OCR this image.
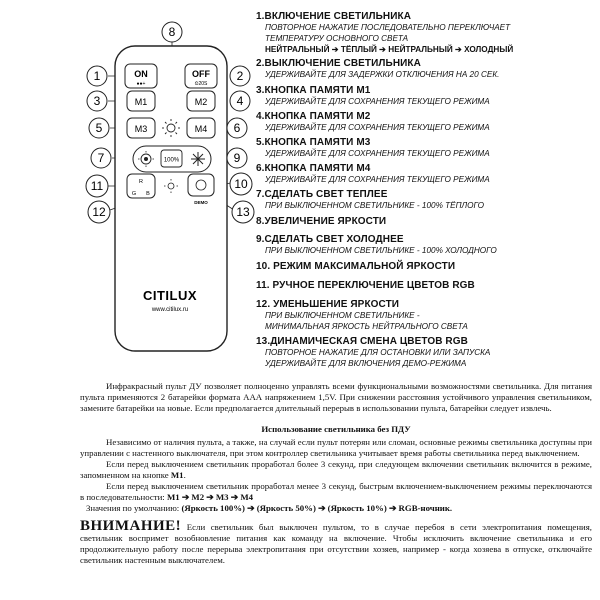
ON
●●+
OFF
⏲20S
M1	M2
M3	M4
100%
R
G B
DEMO
CITILUX
www.citilux.ru
1	2
3	4
5	6
7
8
9
10
11
12	13
1.ВКЛЮЧЕНИЕ СВЕТИЛЬНИКА
ПОВТОРНОЕ НАЖАТИЕ ПОСЛЕДОВАТЕЛЬНО ПЕРЕКЛЮЧАЕТ
ТЕМПЕРАТУРУ ОСНОВНОГО СВЕТА
НЕЙТРАЛЬНЫЙ ➔ ТЁПЛЫЙ ➔ НЕЙТРАЛЬНЫЙ ➔ ХОЛОДНЫЙ
2.ВЫКЛЮЧЕНИЕ СВЕТИЛЬНИКА
УДЕРЖИВАЙТЕ ДЛЯ ЗАДЕРЖКИ ОТКЛЮЧЕНИЯ НА 20 СЕК.
3.КНОПКА ПАМЯТИ М1
УДЕРЖИВАЙТЕ ДЛЯ СОХРАНЕНИЯ ТЕКУЩЕГО РЕЖИМА
4.КНОПКА ПАМЯТИ М2
УДЕРЖИВАЙТЕ ДЛЯ СОХРАНЕНИЯ ТЕКУЩЕГО РЕЖИМА
5.КНОПКА ПАМЯТИ М3
УДЕРЖИВАЙТЕ ДЛЯ СОХРАНЕНИЯ ТЕКУЩЕГО РЕЖИМА
6.КНОПКА ПАМЯТИ М4
УДЕРЖИВАЙТЕ ДЛЯ СОХРАНЕНИЯ ТЕКУЩЕГО РЕЖИМА
7.СДЕЛАТЬ СВЕТ ТЕПЛЕЕ
ПРИ ВЫКЛЮЧЕННОМ СВЕТИЛЬНИКЕ - 100% ТЁПЛОГО
8.УВЕЛИЧЕНИЕ ЯРКОСТИ
9.СДЕЛАТЬ СВЕТ ХОЛОДНЕЕ
ПРИ ВЫКЛЮЧЕННОМ СВЕТИЛЬНИКЕ - 100% ХОЛОДНОГО
10. РЕЖИМ МАКСИМАЛЬНОЙ ЯРКОСТИ
11. РУЧНОЕ ПЕРЕКЛЮЧЕНИЕ ЦВЕТОВ RGB
12. УМЕНЬШЕНИЕ ЯРКОСТИ
ПРИ ВЫКЛЮЧЕННОМ СВЕТИЛЬНИКЕ -
МИНИМАЛЬНАЯ ЯРКОСТЬ НЕЙТРАЛЬНОГО СВЕТА
13.ДИНАМИЧЕСКАЯ СМЕНА ЦВЕТОВ RGB
ПОВТОРНОЕ НАЖАТИЕ ДЛЯ ОСТАНОВКИ ИЛИ ЗАПУСКА
УДЕРЖИВАЙТЕ ДЛЯ ВКЛЮЧЕНИЯ ДЕМО-РЕЖИМА

Инфракрасный пульт ДУ позволяет полноценно управлять всеми функциональными возможностями светильника. Для питания пульта применяются 2 батарейки формата ААА напряжением 1,5V. При снижении расстояния устойчивого управления светильником, замените батарейки на новые. Если предполагается длительный перерыв в использовании пульта, батарейки следует извлечь.

Использование светильника без ПДУ

Независимо от наличия пульта, а также, на случай если пульт потерян или сломан, основные режимы светильника доступны при управлении с настенного выключателя, при этом контроллер светильника учитывает время работы светильника перед выключением.

Если перед выключением светильник проработал более 3 секунд, при следующем включении светильник включится в режиме, запомненном на кнопке M1.

Если перед выключением светильник проработал менее 3 секунд, быстрым включением-выключением режимы переключаются в последовательности: M1 ➔ M2 ➔ M3 ➔ M4

Значения по умолчанию: (Яркость 100%) ➔ (Яркость 50%) ➔ (Яркость 10%) ➔ RGB-ночник.

ВНИМАНИЕ! Если светильник был выключен пультом, то в случае перебоя в сети электропитания помещения, светильник воспримет возобновление питания как команду на включение. Чтобы исключить включение светильника и его продолжительную работу после перерыва электропитания при отсутствии хозяев, например - когда хозяева в отпуске, отключайте светильник настенным выключателем.
